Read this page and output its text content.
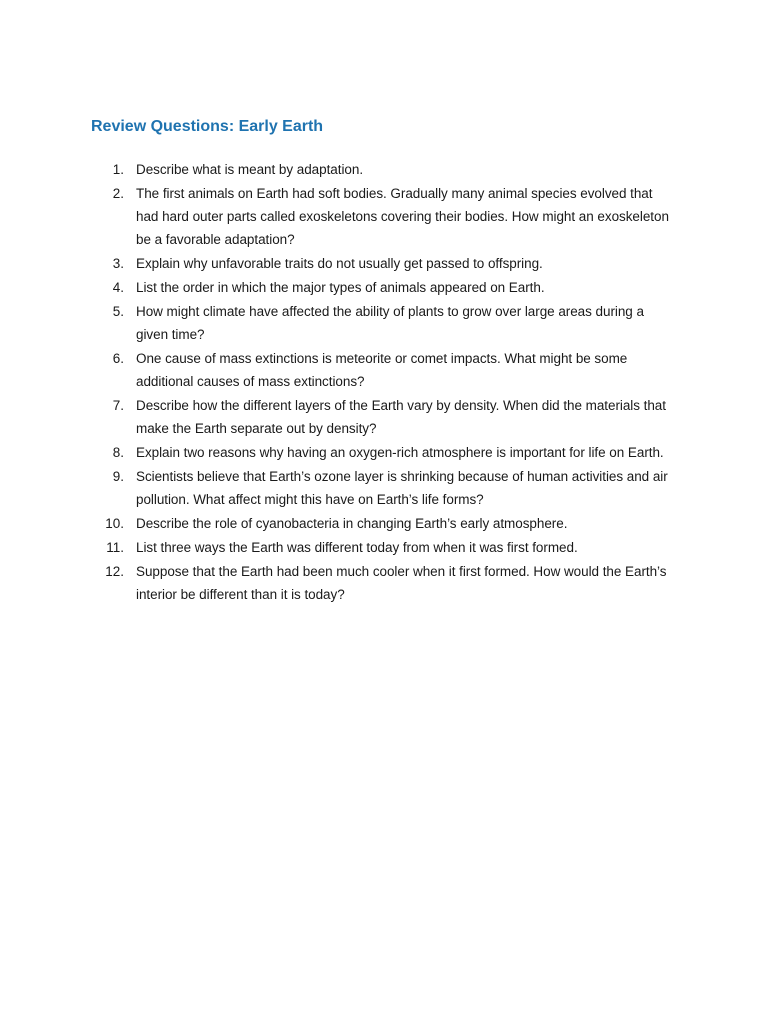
Review Questions: Early Earth
1. Describe what is meant by adaptation.
2. The first animals on Earth had soft bodies. Gradually many animal species evolved that had hard outer parts called exoskeletons covering their bodies. How might an exoskeleton be a favorable adaptation?
3. Explain why unfavorable traits do not usually get passed to offspring.
4. List the order in which the major types of animals appeared on Earth.
5. How might climate have affected the ability of plants to grow over large areas during a given time?
6. One cause of mass extinctions is meteorite or comet impacts. What might be some additional causes of mass extinctions?
7. Describe how the different layers of the Earth vary by density. When did the materials that make the Earth separate out by density?
8. Explain two reasons why having an oxygen-rich atmosphere is important for life on Earth.
9. Scientists believe that Earth’s ozone layer is shrinking because of human activities and air pollution. What affect might this have on Earth’s life forms?
10. Describe the role of cyanobacteria in changing Earth’s early atmosphere.
11. List three ways the Earth was different today from when it was first formed.
12. Suppose that the Earth had been much cooler when it first formed. How would the Earth’s interior be different than it is today?
